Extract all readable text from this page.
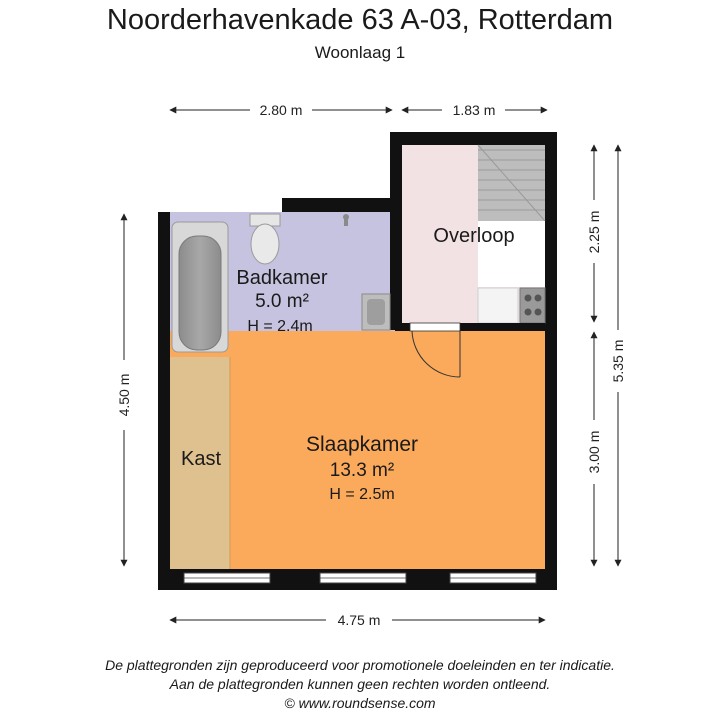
Noorderhavenkade 63 A-03, Rotterdam
Woonlaag 1
Badkamer
5.0 m²
H = 2.4m
Overloop
Slaapkamer
13.3 m²
H = 2.5m
Kast
2.80 m	1.83 m
4.50 m
2.25 m
3.00 m
5.35 m
4.75 m
De plattegronden zijn geproduceerd voor promotionele doeleinden en ter indicatie.
Aan de plattegronden kunnen geen rechten worden ontleend.
© www.roundsense.com
